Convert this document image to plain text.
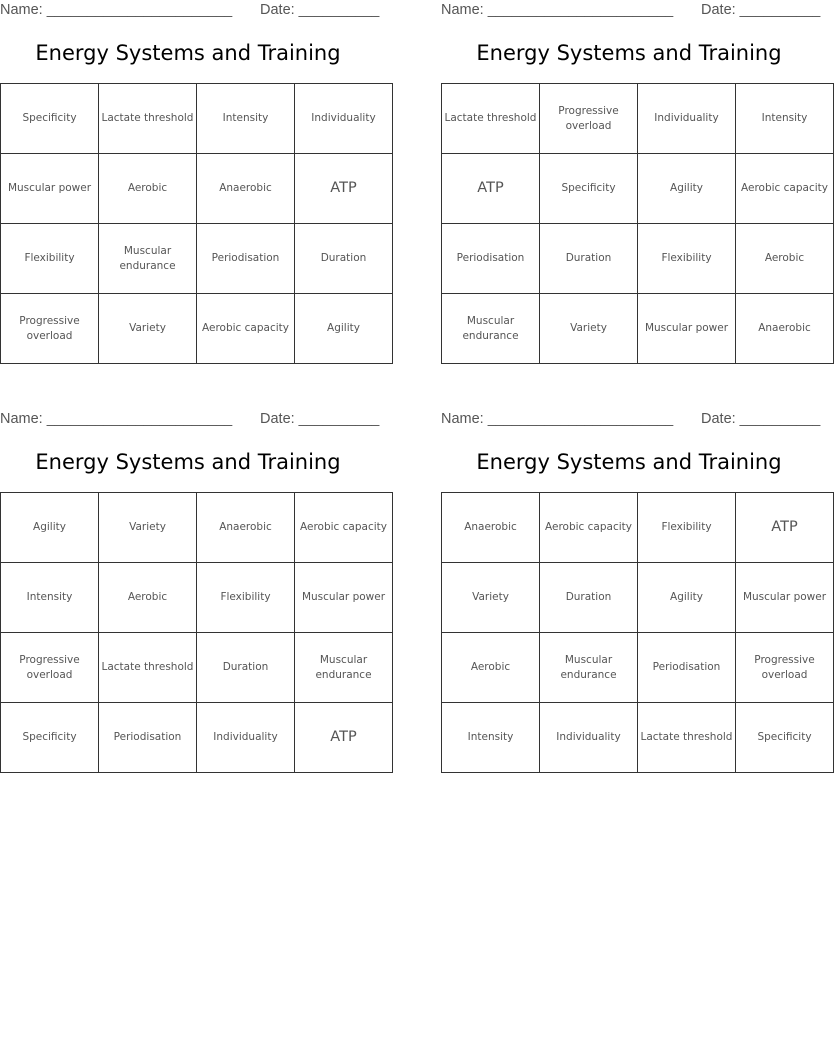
Name: _______________________ Date: __________
Energy Systems and Training
Specificity	Lactate threshold	Intensity	Individuality
Muscular power	Aerobic	Anaerobic	ATP
Flexibility	Muscular endurance	Periodisation	Duration
Progressive overload	Variety	Aerobic capacity	Agility
Name: _______________________ Date: __________
Energy Systems and Training
Lactate threshold	Progressive overload	Individuality	Intensity
ATP	Specificity	Agility	Aerobic capacity
Periodisation	Duration	Flexibility	Aerobic
Muscular endurance	Variety	Muscular power	Anaerobic
Name: _______________________ Date: __________
Energy Systems and Training
Agility	Variety	Anaerobic	Aerobic capacity
Intensity	Aerobic	Flexibility	Muscular power
Progressive overload	Lactate threshold	Duration	Muscular endurance
Specificity	Periodisation	Individuality	ATP
Name: _______________________ Date: __________
Energy Systems and Training
Anaerobic	Aerobic capacity	Flexibility	ATP
Variety	Duration	Agility	Muscular power
Aerobic	Muscular endurance	Periodisation	Progressive overload
Intensity	Individuality	Lactate threshold	Specificity
